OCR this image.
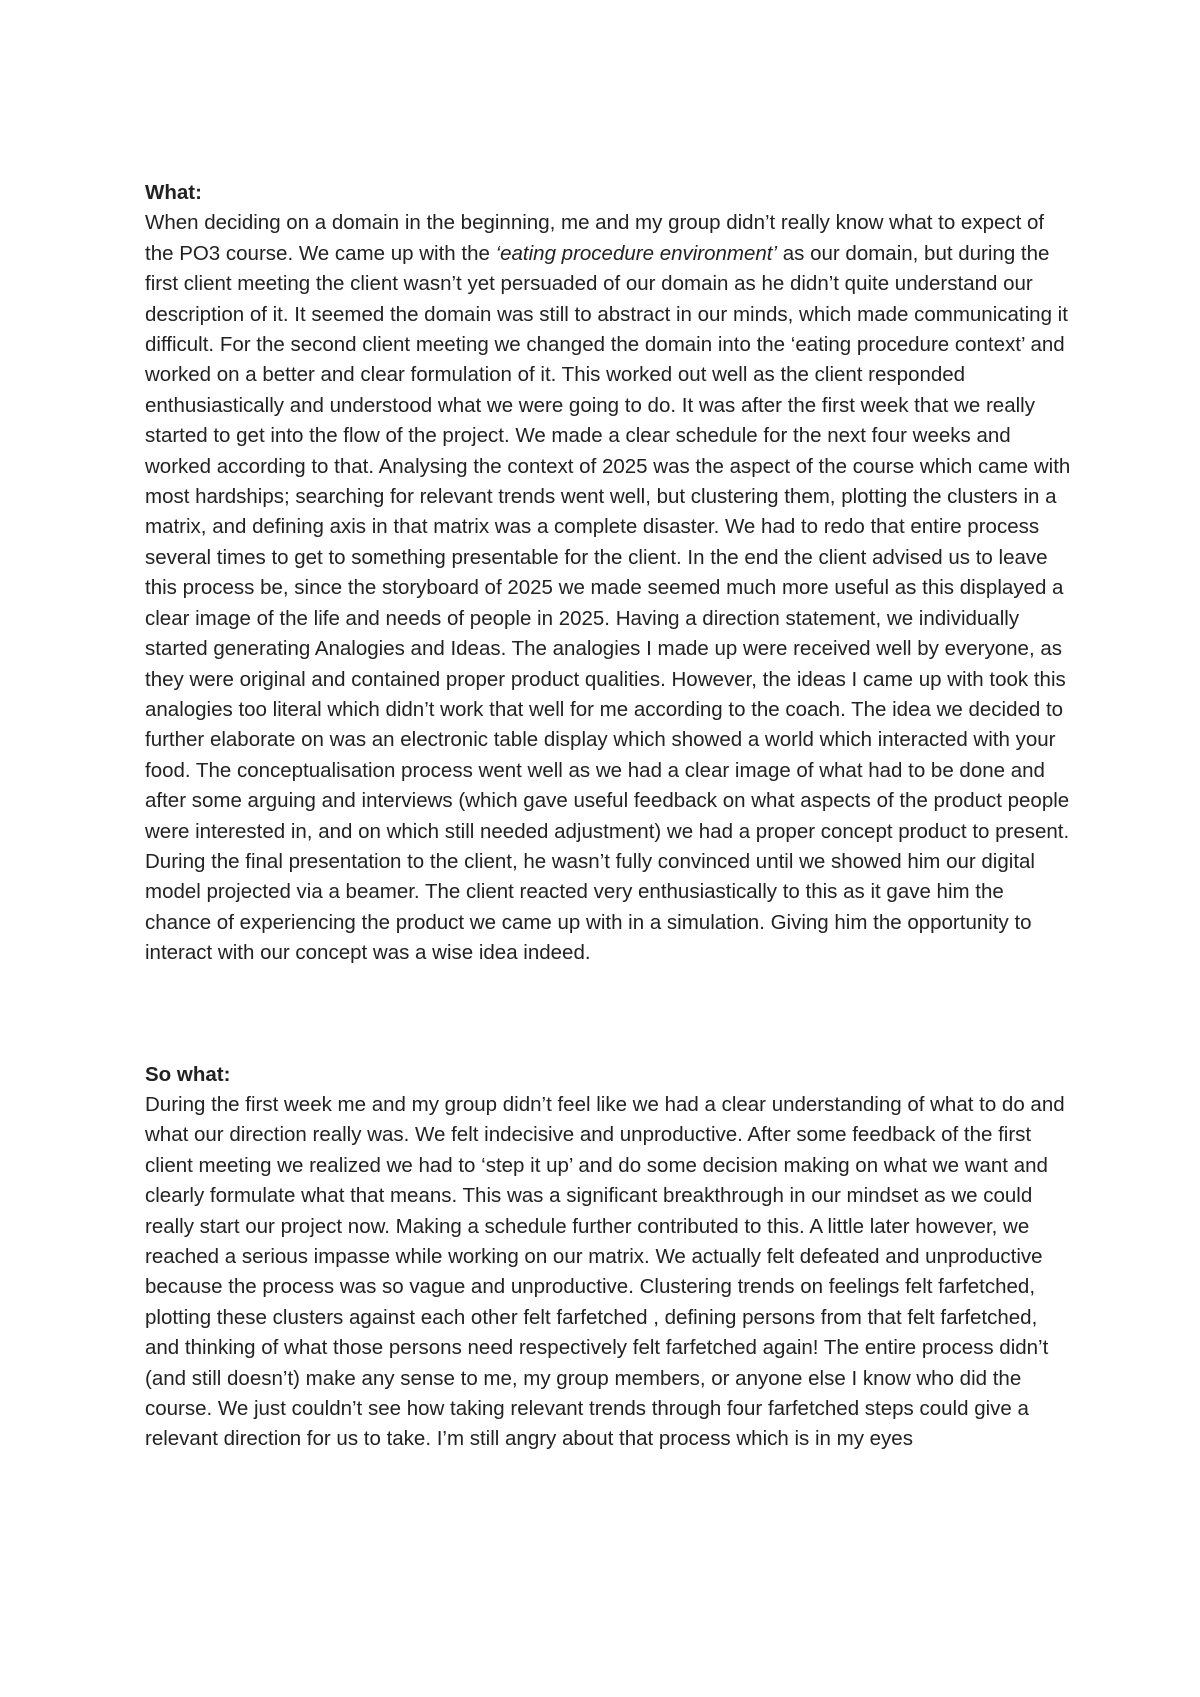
What:

When deciding on a domain in the beginning, me and my group didn’t really know what to expect of the PO3 course. We came up with the ‘eating procedure environment’ as our domain, but during the first client meeting the client wasn’t yet persuaded of our domain as he didn’t quite understand our description of it. It seemed the domain was still to abstract in our minds, which made communicating it difficult. For the second client meeting we changed the domain into the ‘eating procedure context’ and worked on a better and clear formulation of it. This worked out well as the client responded enthusiastically and understood what we were going to do. It was after the first week that we really started to get into the flow of the project. We made a clear schedule for the next four weeks and worked according to that. Analysing the context of 2025 was the aspect of the course which came with most hardships; searching for relevant trends went well, but clustering them, plotting the clusters in a matrix, and defining axis in that matrix was a complete disaster. We had to redo that entire process several times to get to something presentable for the client. In the end the client advised us to leave this process be, since the storyboard of 2025 we made seemed much more useful as this displayed a clear image of the life and needs of people in 2025. Having a direction statement, we individually started generating Analogies and Ideas. The analogies I made up were received well by everyone, as they were original and contained proper product qualities. However, the ideas I came up with took this analogies too literal which didn’t work that well for me according to the coach. The idea we decided to further elaborate on was an electronic table display which showed a world which interacted with your food. The conceptualisation process went well as we had a clear image of what had to be done and after some arguing and interviews (which gave useful feedback on what aspects of the product people were interested in, and on which still needed adjustment) we had a proper concept product to present. During the final presentation to the client, he wasn’t fully convinced until we showed him our digital model projected via a beamer. The client reacted very enthusiastically to this as it gave him the chance of experiencing the product we came up with in a simulation. Giving him the opportunity to interact with our concept was a wise idea indeed.

So what:

During the first week me and my group didn’t feel like we had a clear understanding of what to do and what our direction really was. We felt indecisive and unproductive. After some feedback of the first client meeting we realized we had to ‘step it up’ and do some decision making on what we want and clearly formulate what that means. This was a significant breakthrough in our mindset as we could really start our project now. Making a schedule further contributed to this. A little later however, we reached a serious impasse while working on our matrix. We actually felt defeated and unproductive because the process was so vague and unproductive. Clustering trends on feelings felt farfetched, plotting these clusters against each other felt farfetched , defining persons from that felt farfetched, and thinking of what those persons need respectively felt farfetched again! The entire process didn’t (and still doesn’t) make any sense to me, my group members, or anyone else I know who did the course. We just couldn’t see how taking relevant trends through four farfetched steps could give a relevant direction for us to take. I’m still angry about that process which is in my eyes
